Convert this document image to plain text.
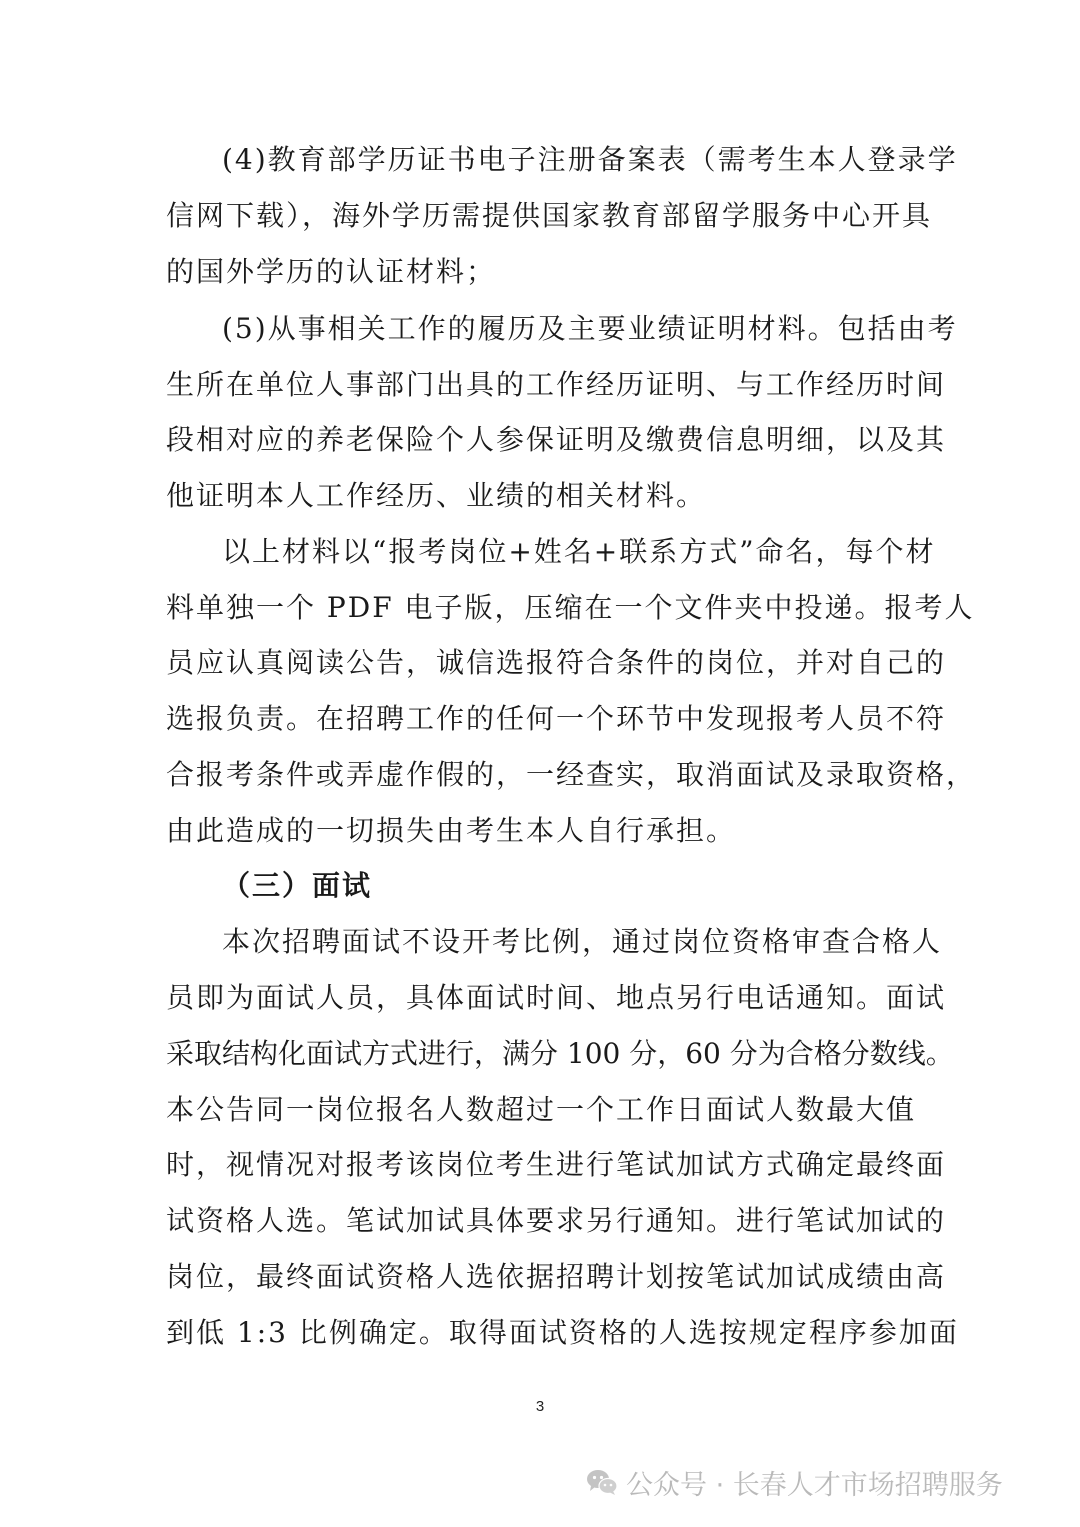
(4)教育部学历证书电子注册备案表（需考生本人登录学
信网下载），海外学历需提供国家教育部留学服务中心开具
的国外学历的认证材料；
(5)从事相关工作的履历及主要业绩证明材料。包括由考
生所在单位人事部门出具的工作经历证明、与工作经历时间
段相对应的养老保险个人参保证明及缴费信息明细，以及其
他证明本人工作经历、业绩的相关材料。
以上材料以“报考岗位+姓名+联系方式”命名，每个材
料单独一个 PDF 电子版，压缩在一个文件夹中投递。报考人
员应认真阅读公告，诚信选报符合条件的岗位，并对自己的
选报负责。在招聘工作的任何一个环节中发现报考人员不符
合报考条件或弄虚作假的，一经查实，取消面试及录取资格，
由此造成的一切损失由考生本人自行承担。
（三）面试
本次招聘面试不设开考比例，通过岗位资格审查合格人
员即为面试人员，具体面试时间、地点另行电话通知。面试
采取结构化面试方式进行，满分 100 分，60 分为合格分数线。
本公告同一岗位报名人数超过一个工作日面试人数最大值
时，视情况对报考该岗位考生进行笔试加试方式确定最终面
试资格人选。笔试加试具体要求另行通知。进行笔试加试的
岗位，最终面试资格人选依据招聘计划按笔试加试成绩由高
到低 1:3 比例确定。取得面试资格的人选按规定程序参加面
3
公众号 · 长春人才市场招聘服务
